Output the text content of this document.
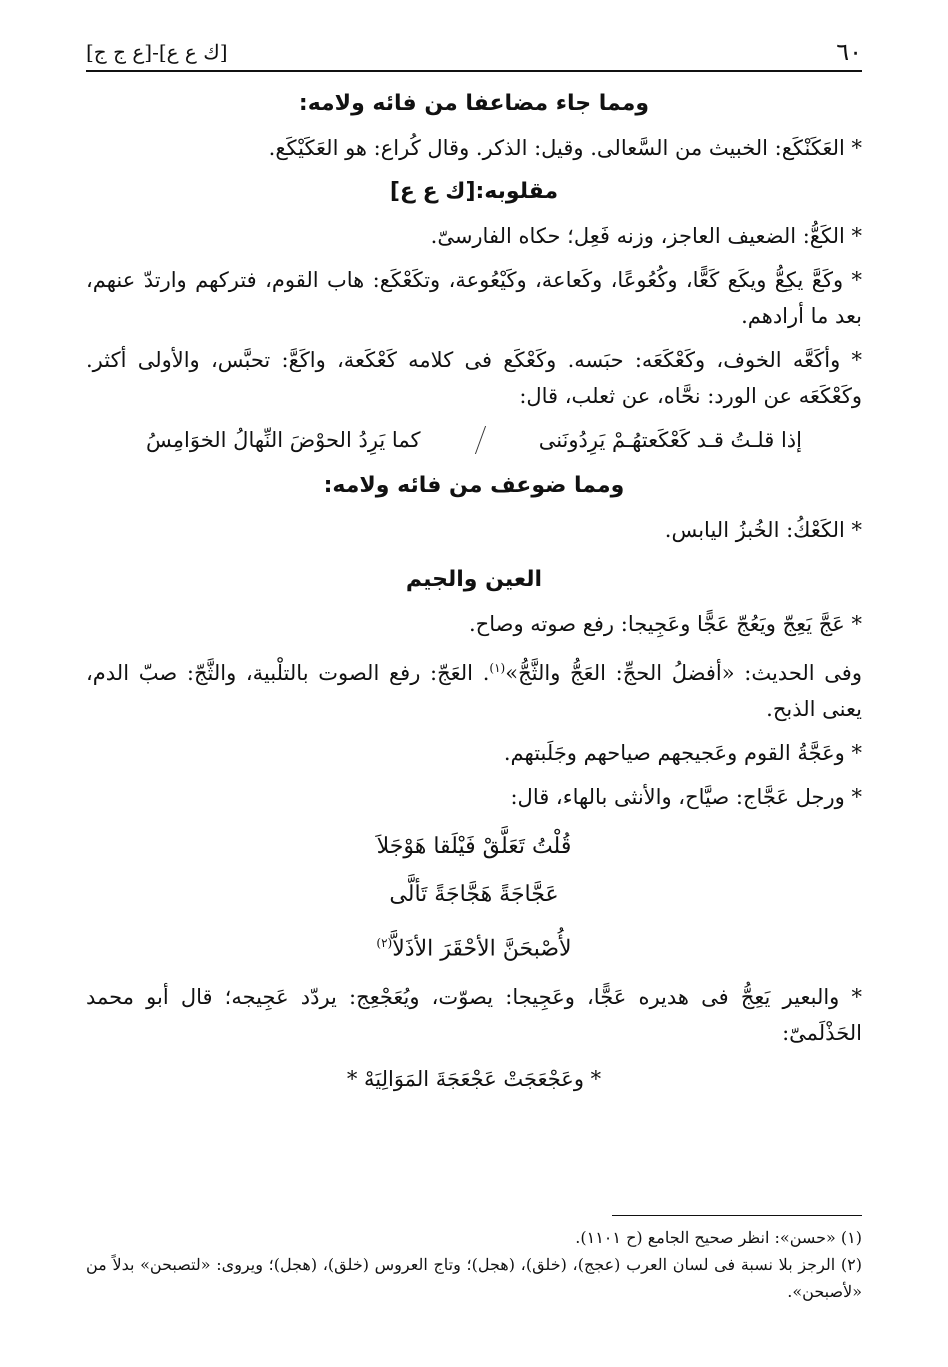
٦٠
[ك ع ع]-[ع ج ج]
ومما جاء مضاعفا من فائه ولامه:

* العَكَنْكَع: الخبيث من السَّعالى. وقيل: الذكر. وقال كُراع: هو العَكَيْكَع.

مقلوبه:[ك ع ع]

* الكَعُّ: الضعيف العاجز، وزنه فَعِل؛ حكاه الفارسىّ.

* وكَعَّ يكِعُّ ويكَع كَعًّا، وكُعُوعًا، وكَعاعة، وكَيْعُوعة، وتكَعْكَع: هاب القوم، فتركهم وارتدّ عنهم، بعد ما أرادهم.

* وأكَعَّه الخوف، وكَعْكَعَه: حبَسه. وكَعْكَع فى كلامه كَعْكَعة، واكَعَّ: تحبَّس، والأولى أكثر. وكَعْكَعَه عن الورد: نحَّاه، عن ثعلب، قال:

إذا قلـتُ قـد كَعْكَعتهُـمْ يَرِدُونَنى
كما يَرِدُ الحوْضَ النِّهالُ الخوَامِسُ
ومما ضوعف من فائه ولامه:

* الكَعْكُ: الخُبزُ اليابس.

العين والجيم

* عَجَّ يَعِجّ ويَعُجّ عَجًّا وعَجِيجا: رفع صوته وصاح.

وفى الحديث: «أفضلُ الحجِّ: العَجُّ والثَّجُّ»$^{(١)}$. العَجّ: رفع الصوت بالتلْبية، والثَّجّ: صبّ الدم، يعنى الذبح.

* وعَجَّةُ القوم وعَجيجهم صياحهم وجَلَبتهم.

* ورجل عَجَّاج: صيَّاح، والأنثى بالهاء، قال:

قُلْتُ تَعَلَّقْ فَيْلَقا هَوْجَلاَ
عَجَّاجَةً هَجَّاجَةً تَألَّى
لأُصْبحَنَّ الأحْقَرَ الأذَلاَّ$^{(٢)}$

* والبعير يَعِجُّ فى هديره عَجًّا، وعَجِيجا: يصوّت، ويُعَجْعِج: يردّد عَجِيجه؛ قال أبو محمد الحَذْلَمىّ:

* وعَجْعَجَتْ عَجْعَجَةَ المَوَالِيَهْ *

(١) «حسن»: انظر صحيح الجامع (ح ١١٠١).

(٢) الرجز بلا نسبة فى لسان العرب (عجج)، (خلق)، (هجل)؛ وتاج العروس (خلق)، (هجل)؛ ويروى: «لتصبحن» بدلاً من «لأصبحن».
